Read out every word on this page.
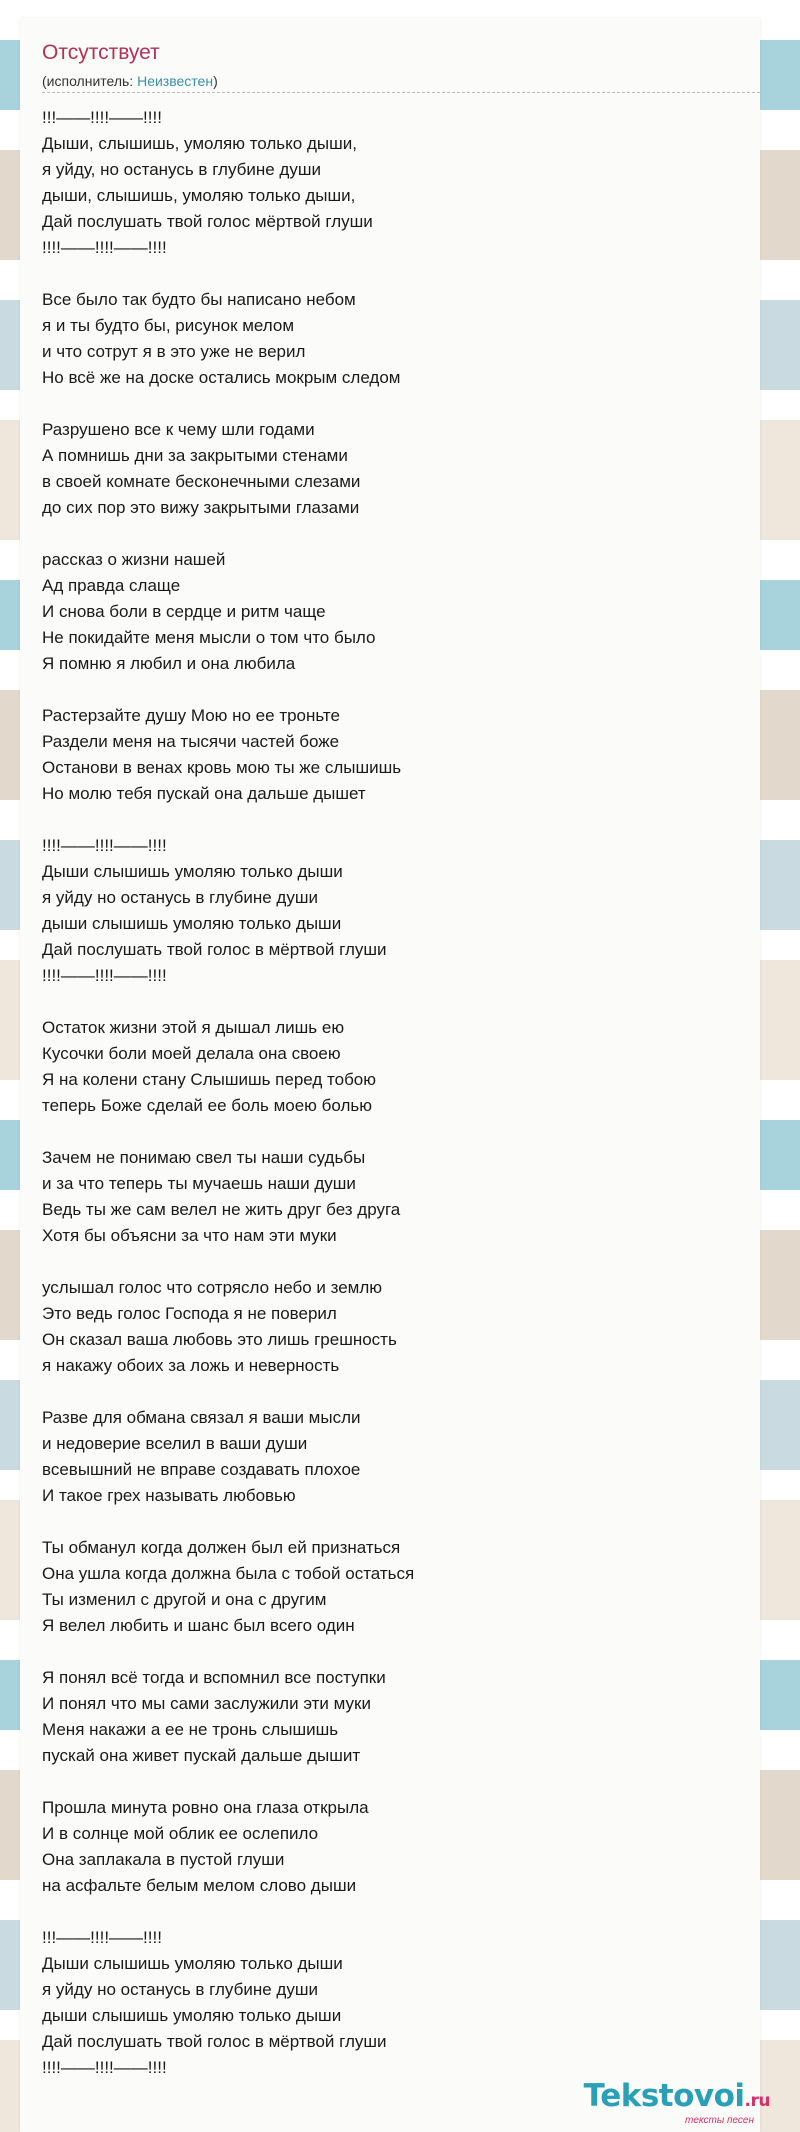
Отсутствует
(исполнитель: Неизвестен)
!!!——!!!!——!!!!
Дыши, слышишь, умоляю только дыши,
я уйду, но останусь в глубине души
дыши, слышишь, умоляю только дыши,
Дай послушать твой голос мёртвой глуши
!!!!——!!!!——!!!!

Все было так будто бы написано небом
я и ты будто бы, рисунок мелом
и что сотрут я в это уже не верил
Но всё же на доске остались мокрым следом

Разрушено все к чему шли годами
А помнишь дни за закрытыми стенами
в своей комнате бесконечными слезами
до сих пор это вижу закрытыми глазами

рассказ о жизни нашей
Ад правда слаще
И снова боли в сердце и ритм чаще
Не покидайте меня мысли о том что было
Я помню я любил и она любила

Растерзайте душу Мою но ее троньте
Раздели меня на тысячи частей боже
Останови в венах кровь мою ты же слышишь
Но молю тебя пускай она дальше дышет

!!!!——!!!!——!!!!
Дыши слышишь умоляю только дыши
я уйду но останусь в глубине души
дыши слышишь умоляю только дыши
Дай послушать твой голос в мёртвой глуши
!!!!——!!!!——!!!!

Остаток жизни этой я дышал лишь ею
Кусочки боли моей делала она своею
Я на колени стану Слышишь перед тобою
теперь Боже сделай ее боль моею болью

Зачем не понимаю свел ты наши судьбы
и за что теперь ты мучаешь наши души
Ведь ты же сам велел не жить друг без друга
Хотя бы объясни за что нам эти муки

услышал голос что сотрясло небо и землю
Это ведь голос Господа я не поверил
Он сказал ваша любовь это лишь грешность
я накажу обоих за ложь и неверность

Разве для обмана связал я ваши мысли
и недоверие вселил в ваши души
всевышний не вправе создавать плохое
И такое грех называть любовью

Ты обманул когда должен был ей признаться
Она ушла когда должна была с тобой остаться
Ты изменил с другой и она с другим
Я велел любить и шанс был всего один

Я понял всё тогда и вспомнил все поступки
И понял что мы сами заслужили эти муки
Меня накажи а ее не тронь слышишь
пускай она живет пускай дальше дышит

Прошла минута ровно она глаза открыла
И в солнце мой облик ее ослепило
Она заплакала в пустой глуши
на асфальте белым мелом слово дыши

!!!——!!!!——!!!!
Дыши слышишь умоляю только дыши
я уйду но останусь в глубине души
дыши слышишь умоляю только дыши
Дай послушать твой голос в мёртвой глуши
!!!!——!!!!——!!!!
Tekstovoi.ru
тексты песен
